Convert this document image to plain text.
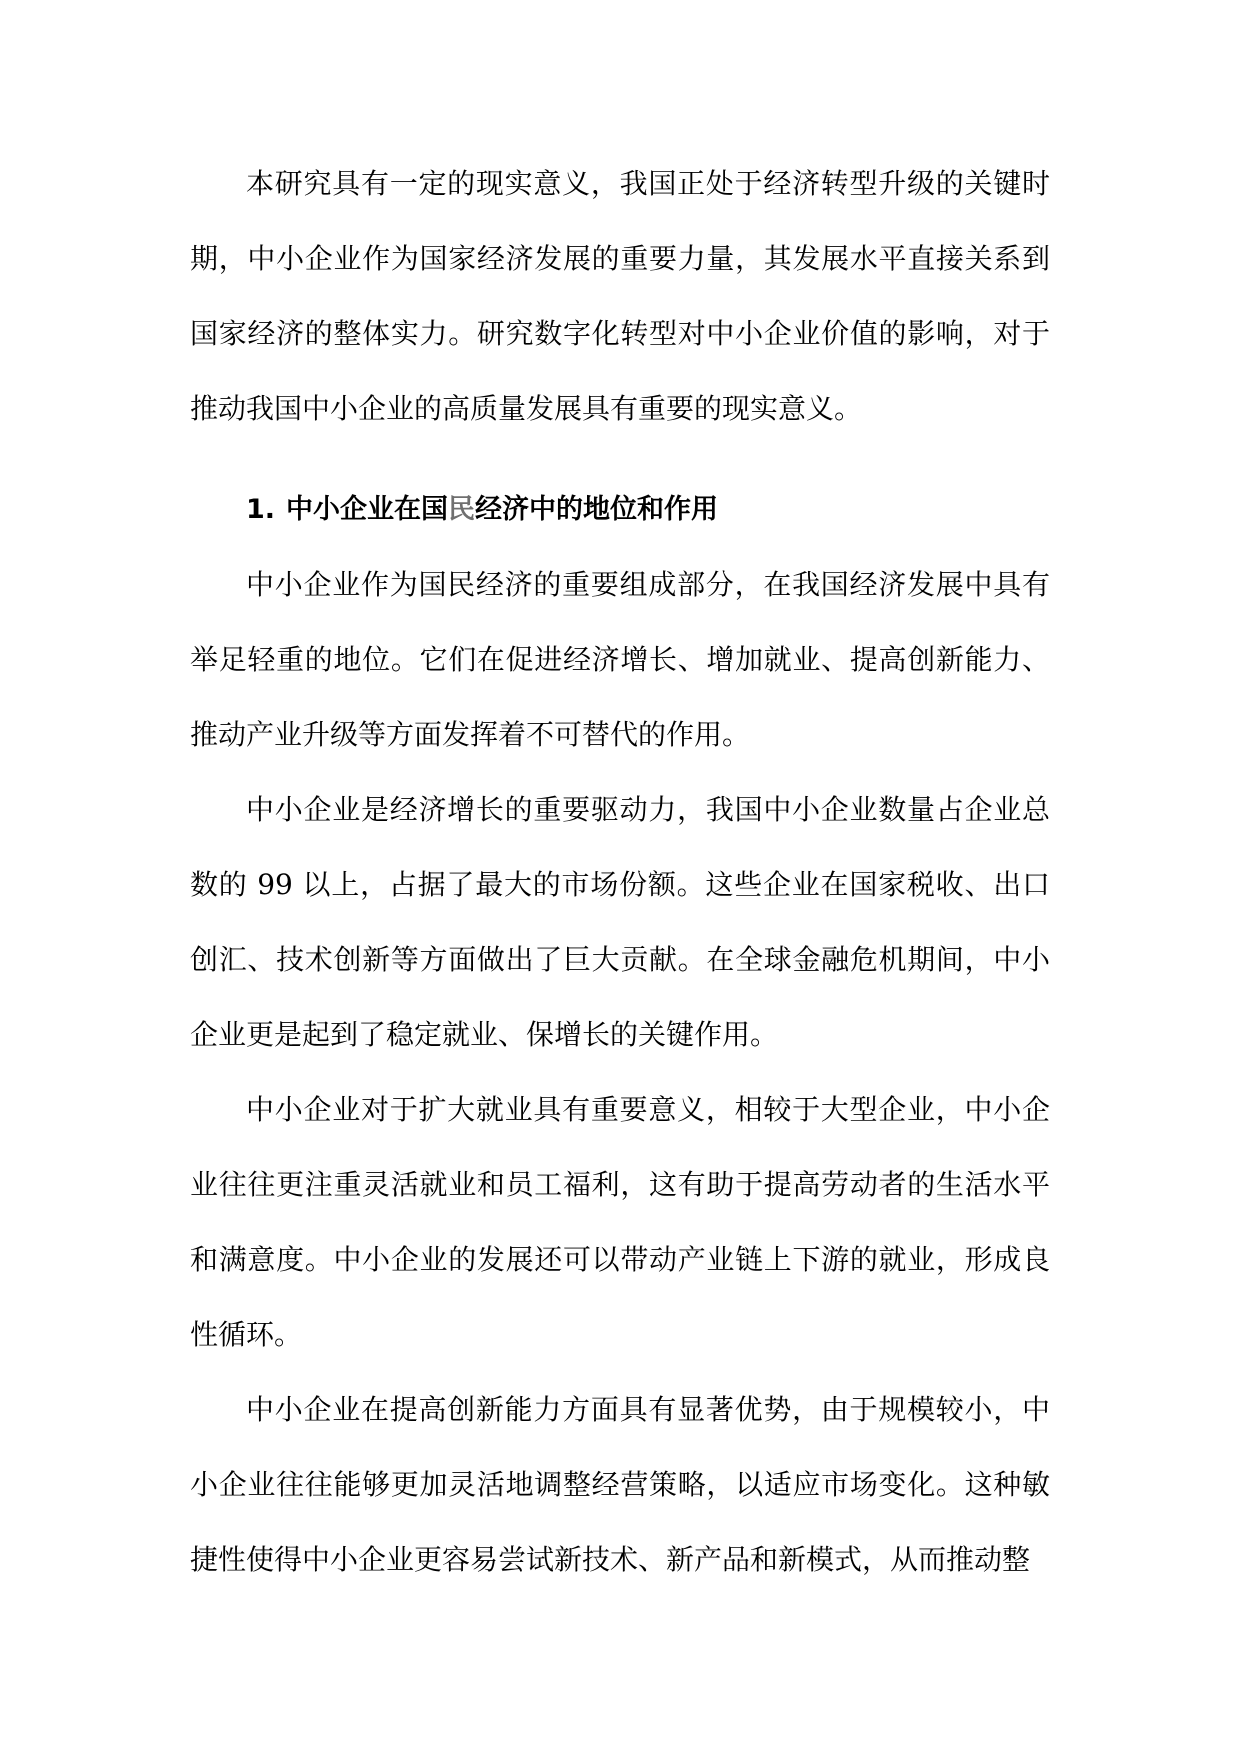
本研究具有一定的现实意义，我国正处于经济转型升级的关键时期，中小企业作为国家经济发展的重要力量，其发展水平直接关系到国家经济的整体实力。研究数字化转型对中小企业价值的影响，对于推动我国中小企业的高质量发展具有重要的现实意义。

1. 中小企业在国民经济中的地位和作用

中小企业作为国民经济的重要组成部分，在我国经济发展中具有举足轻重的地位。它们在促进经济增长、增加就业、提高创新能力、推动产业升级等方面发挥着不可替代的作用。

中小企业是经济增长的重要驱动力，我国中小企业数量占企业总数的 99 以上，占据了最大的市场份额。这些企业在国家税收、出口创汇、技术创新等方面做出了巨大贡献。在全球金融危机期间，中小企业更是起到了稳定就业、保增长的关键作用。

中小企业对于扩大就业具有重要意义，相较于大型企业，中小企业往往更注重灵活就业和员工福利，这有助于提高劳动者的生活水平和满意度。中小企业的发展还可以带动产业链上下游的就业，形成良性循环。

中小企业在提高创新能力方面具有显著优势，由于规模较小，中小企业往往能够更加灵活地调整经营策略，以适应市场变化。这种敏捷性使得中小企业更容易尝试新技术、新产品和新模式，从而推动整
